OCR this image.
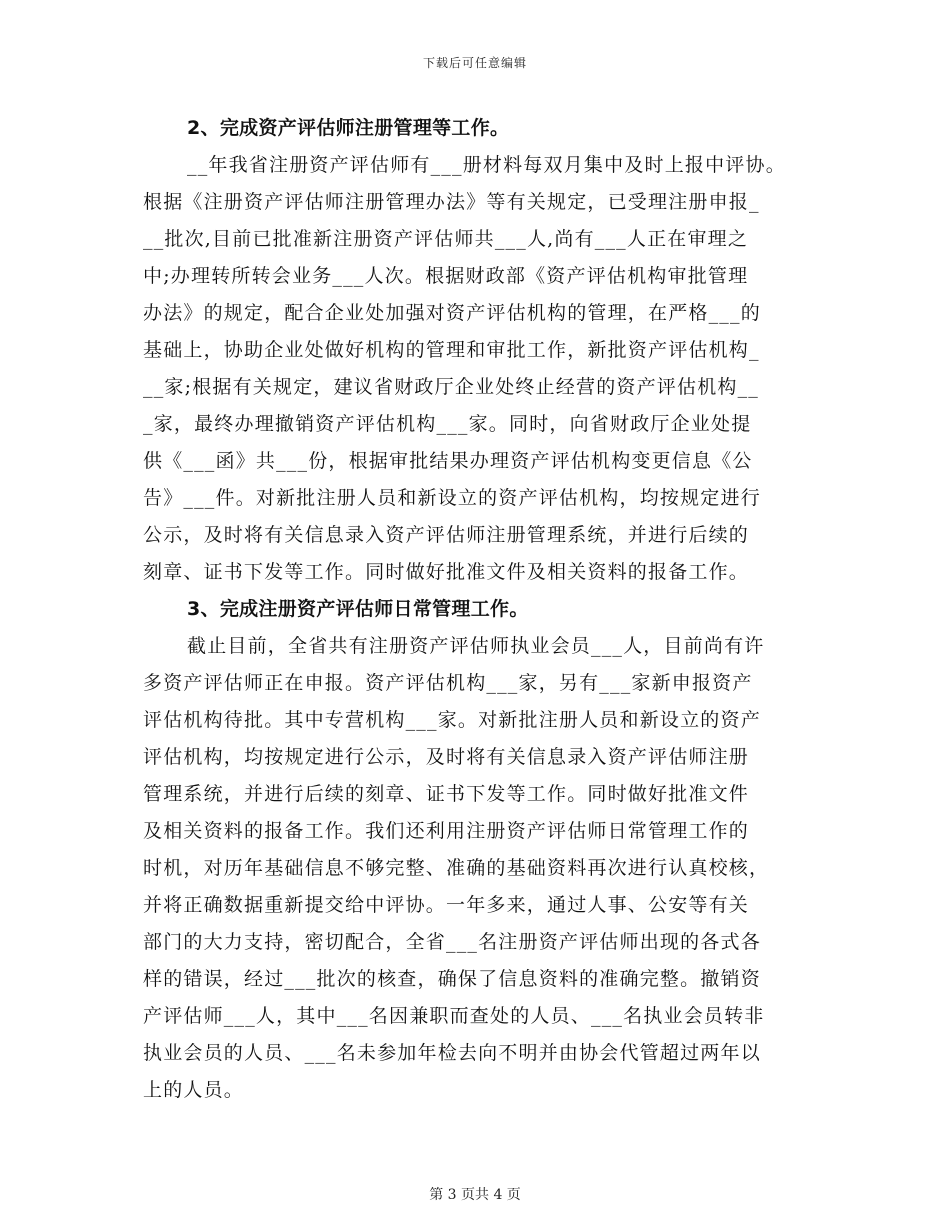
下载后可任意编辑
2、完成资产评估师注册管理等工作。
__年我省注册资产评估师有___册材料每双月集中及时上报中评协。
根据《注册资产评估师注册管理办法》等有关规定，已受理注册申报_
__批次,目前已批准新注册资产评估师共___人,尚有___人正在审理之
中;办理转所转会业务___人次。根据财政部《资产评估机构审批管理
办法》的规定，配合企业处加强对资产评估机构的管理，在严格___的
基础上，协助企业处做好机构的管理和审批工作，新批资产评估机构_
__家;根据有关规定，建议省财政厅企业处终止经营的资产评估机构__
_家，最终办理撤销资产评估机构___家。同时，向省财政厅企业处提
供《___函》共___份，根据审批结果办理资产评估机构变更信息《公
告》___件。对新批注册人员和新设立的资产评估机构，均按规定进行
公示，及时将有关信息录入资产评估师注册管理系统，并进行后续的
刻章、证书下发等工作。同时做好批准文件及相关资料的报备工作。
3、完成注册资产评估师日常管理工作。
截止目前，全省共有注册资产评估师执业会员___人，目前尚有许
多资产评估师正在申报。资产评估机构___家，另有___家新申报资产
评估机构待批。其中专营机构___家。对新批注册人员和新设立的资产
评估机构，均按规定进行公示，及时将有关信息录入资产评估师注册
管理系统，并进行后续的刻章、证书下发等工作。同时做好批准文件
及相关资料的报备工作。我们还利用注册资产评估师日常管理工作的
时机，对历年基础信息不够完整、准确的基础资料再次进行认真校核，
并将正确数据重新提交给中评协。一年多来，通过人事、公安等有关
部门的大力支持，密切配合，全省___名注册资产评估师出现的各式各
样的错误，经过___批次的核查，确保了信息资料的准确完整。撤销资
产评估师___人，其中___名因兼职而查处的人员、___名执业会员转非
执业会员的人员、___名未参加年检去向不明并由协会代管超过两年以
上的人员。
第 3 页共 4 页
